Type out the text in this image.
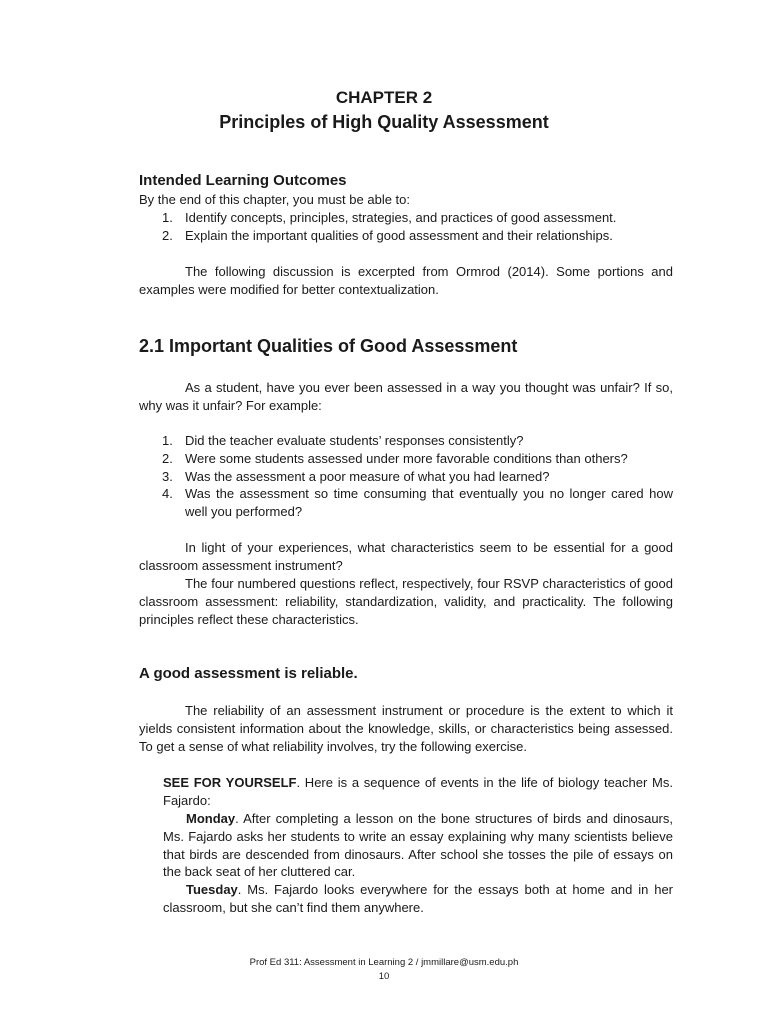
CHAPTER 2
Principles of High Quality Assessment
Intended Learning Outcomes
By the end of this chapter, you must be able to:
1. Identify concepts, principles, strategies, and practices of good assessment.
2. Explain the important qualities of good assessment and their relationships.

The following discussion is excerpted from Ormrod (2014). Some portions and examples were modified for better contextualization.

2.1 Important Qualities of Good Assessment

As a student, have you ever been assessed in a way you thought was unfair? If so, why was it unfair? For example:

1. Did the teacher evaluate students’ responses consistently?
2. Were some students assessed under more favorable conditions than others?
3. Was the assessment a poor measure of what you had learned?
4. Was the assessment so time consuming that eventually you no longer cared how well you performed?

In light of your experiences, what characteristics seem to be essential for a good classroom assessment instrument?

The four numbered questions reflect, respectively, four RSVP characteristics of good classroom assessment: reliability, standardization, validity, and practicality. The following principles reflect these characteristics.

A good assessment is reliable.

The reliability of an assessment instrument or procedure is the extent to which it yields consistent information about the knowledge, skills, or characteristics being assessed. To get a sense of what reliability involves, try the following exercise.

SEE FOR YOURSELF. Here is a sequence of events in the life of biology teacher Ms. Fajardo:

Monday. After completing a lesson on the bone structures of birds and dinosaurs, Ms. Fajardo asks her students to write an essay explaining why many scientists believe that birds are descended from dinosaurs. After school she tosses the pile of essays on the back seat of her cluttered car.

Tuesday. Ms. Fajardo looks everywhere for the essays both at home and in her classroom, but she can’t find them anywhere.

Prof Ed 311: Assessment in Learning 2 / jmmillare@usm.edu.ph
10
